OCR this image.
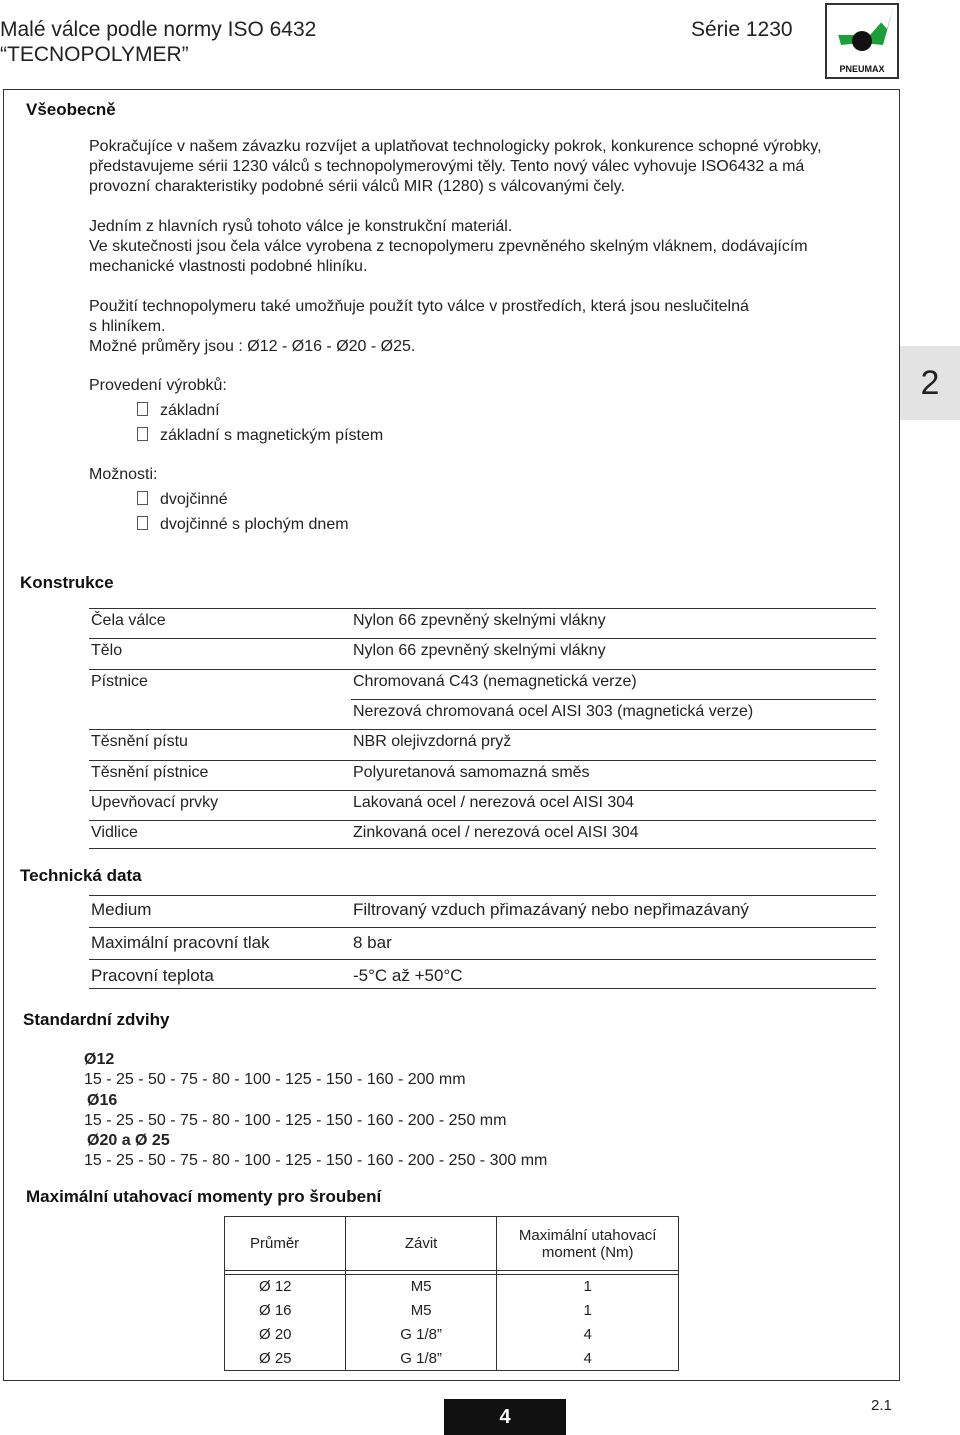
Malé válce podle normy ISO 6432
“TECNOPOLYMER”
Série 1230
PNEUMAX
Všeobecně
Pokračujíce v našem závazku rozvíjet a uplatňovat technologicky pokrok, konkurence schopné výrobky,
představujeme sérii 1230 válců s technopolymerovými těly. Tento nový válec vyhovuje ISO6432 a má
provozní charakteristiky podobné sérii válců MIR (1280) s válcovanými čely.
Jedním z hlavních rysů tohoto válce je konstrukční materiál.
Ve skutečnosti jsou čela válce vyrobena z tecnopolymeru zpevněného skelným vláknem, dodávajícím
mechanické vlastnosti podobné hliníku.
Použití technopolymeru také umožňuje použít tyto válce v prostředích, která jsou neslučitelná
s hliníkem.
Možné průměry jsou : Ø12 - Ø16 - Ø20 - Ø25.
Provedení výrobků:
základní
základní s magnetickým pístem
Možnosti:
dvojčinné
dvojčinné s plochým dnem
Konstrukce
Čela válce	Nylon 66 zpevněný skelnými vlákny
Tělo	Nylon 66 zpevněný skelnými vlákny
Pístnice	Chromovaná C43 (nemagnetická verze)
Nerezová chromovaná ocel AISI 303 (magnetická verze)
Těsnění pístu	NBR olejivzdorná pryž
Těsnění pístnice	Polyuretanová samomazná směs
Upevňovací prvky	Lakovaná ocel / nerezová ocel AISI 304
Vidlice	Zinkovaná ocel / nerezová ocel AISI 304
Technická data
Medium	Filtrovaný vzduch přimazávaný nebo nepřimazávaný
Maximální pracovní tlak	8 bar
Pracovní teplota	-5°C až +50°C
Standardní zdvihy
Ø12
15 - 25 - 50 - 75 - 80 - 100 - 125 - 150 - 160 - 200 mm
Ø16
15 - 25 - 50 - 75 - 80 - 100 - 125 - 150 - 160 - 200 - 250 mm
Ø20 a Ø 25
15 - 25 - 50 - 75 - 80 - 100 - 125 - 150 - 160 - 200 - 250 - 300 mm
Maximální utahovací momenty pro šroubení
Průměr	Závit	Maximální utahovací
moment (Nm)

Ø 12	M5	1
Ø 16	M5	1
Ø 20	G 1/8”	4
Ø 25	G 1/8”	4
2
4
2.1
